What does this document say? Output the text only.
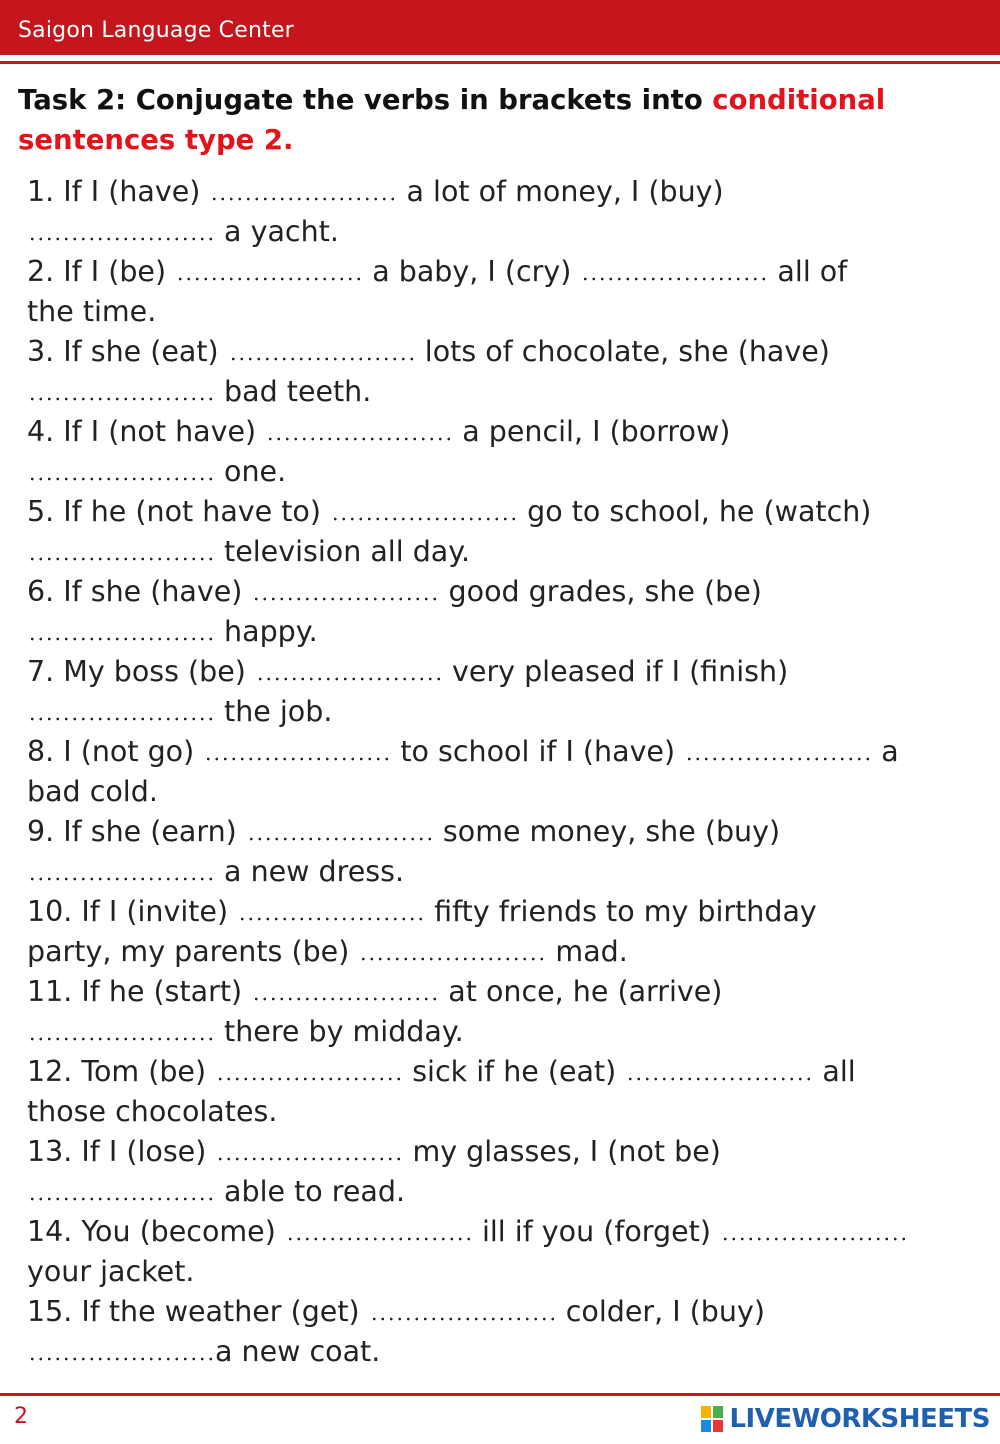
Saigon Language Center
Task 2: Conjugate the verbs in brackets into conditional sentences type 2.
1. If I (have)	a lot of money, I (buy)
a yacht.
2. If I (be)	a baby, I (cry)	all of
the time.
3. If she (eat)	lots of chocolate, she (have)
bad teeth.
4. If I (not have)	a pencil, I (borrow)
one.
5. If he (not have to)	go to school, he (watch)
television all day.
6. If she (have)	good grades, she (be)
happy.
7. My boss (be)	very pleased if I (finish)
the job.
8. I (not go)	to school if I (have)	a
bad cold.
9. If she (earn)	some money, she (buy)
a new dress.
10. If I (invite)	fifty friends to my birthday
party, my parents (be)	mad.
11. If he (start)	at once, he (arrive)
there by midday.
12. Tom (be)	sick if he (eat)	all
those chocolates.
13. If I (lose)	my glasses, I (not be)
able to read.
14. You (become)	ill if you (forget)
your jacket.
15. If the weather (get)	colder, I (buy)
a new coat.
2	LIVEWORKSHEETS
